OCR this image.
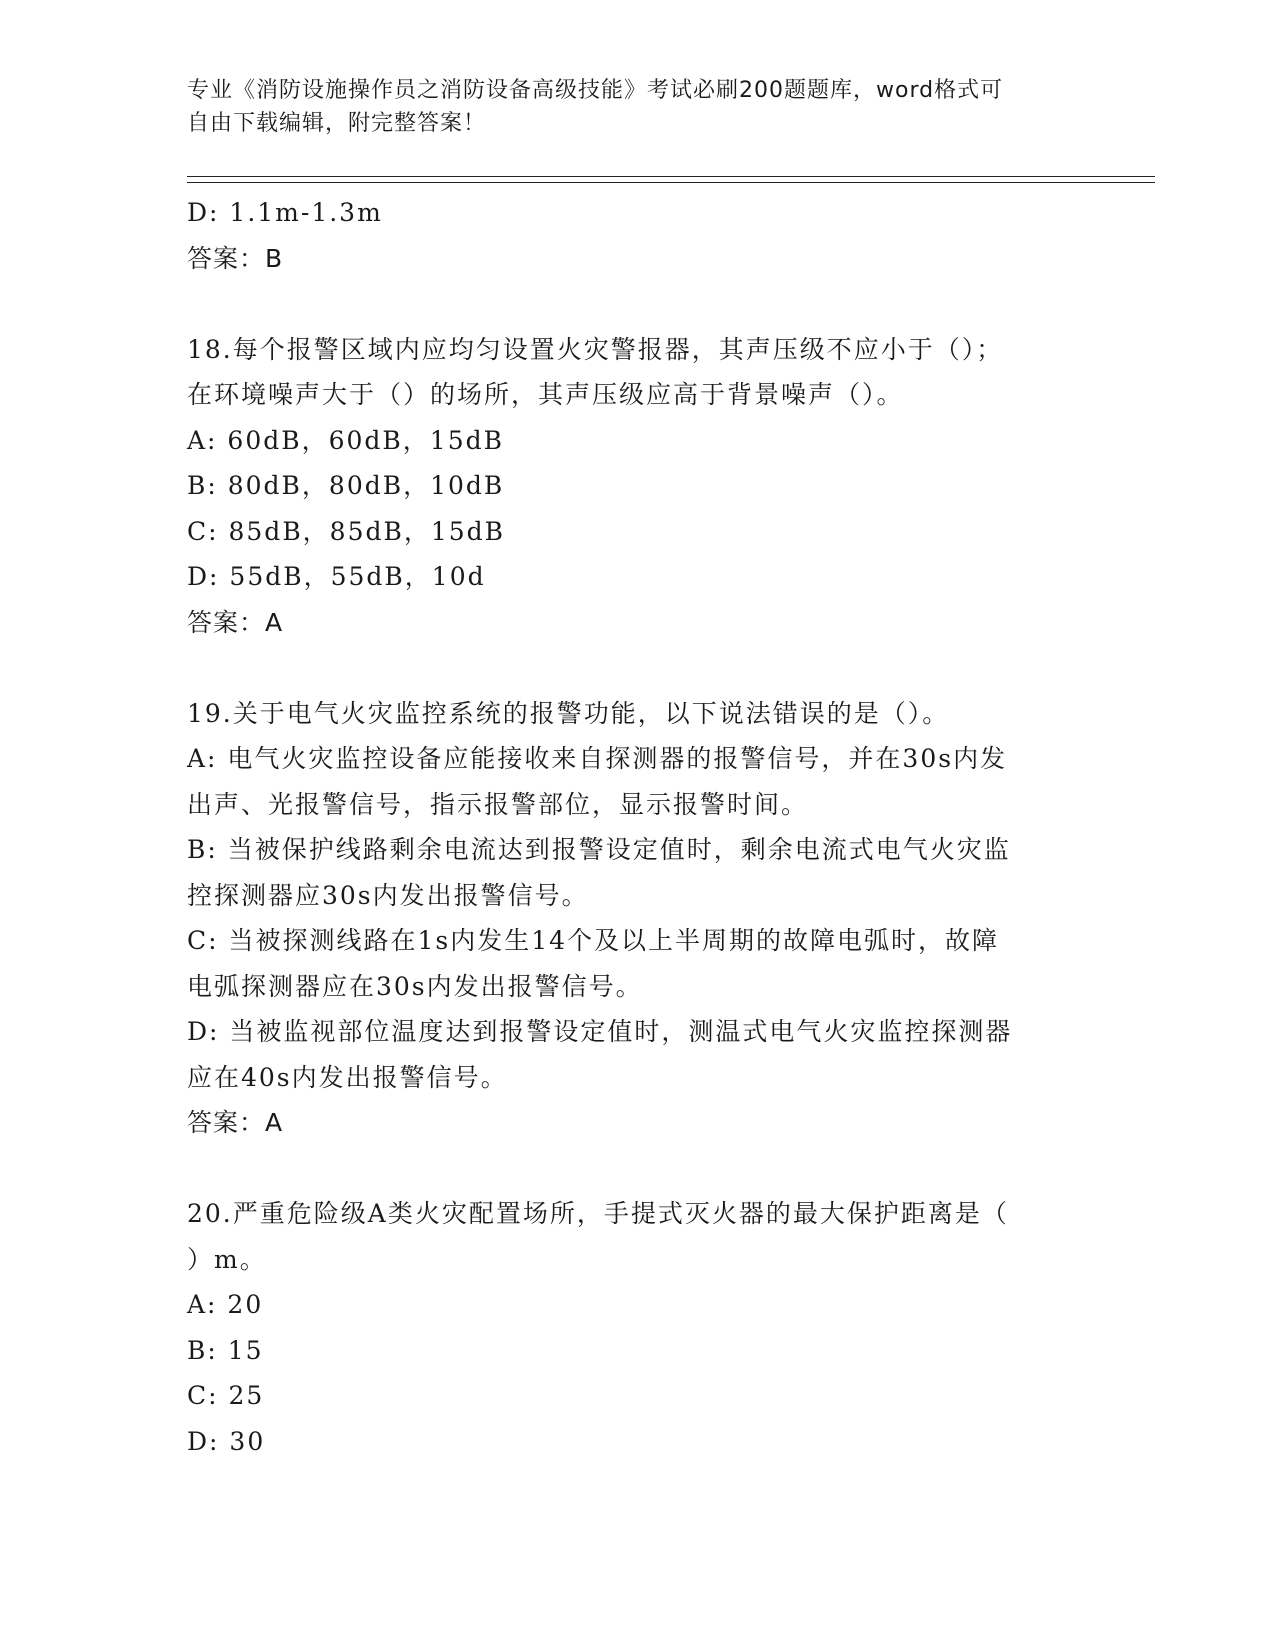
专业《消防设施操作员之消防设备高级技能》考试必刷200题题库，word格式可
自由下载编辑，附完整答案！
D: 1.1m-1.3m
答案：B
18.每个报警区域内应均匀设置火灾警报器，其声压级不应小于（）；
在环境噪声大于（）的场所，其声压级应高于背景噪声（）。
A: 60dB，60dB，15dB
B: 80dB，80dB，10dB
C: 85dB，85dB，15dB
D: 55dB，55dB，10d
答案：A
19.关于电气火灾监控系统的报警功能，以下说法错误的是（）。
A: 电气火灾监控设备应能接收来自探测器的报警信号，并在30s内发
出声、光报警信号，指示报警部位，显示报警时间。
B: 当被保护线路剩余电流达到报警设定值时，剩余电流式电气火灾监
控探测器应30s内发出报警信号。
C: 当被探测线路在1s内发生14个及以上半周期的故障电弧时，故障
电弧探测器应在30s内发出报警信号。
D: 当被监视部位温度达到报警设定值时，测温式电气火灾监控探测器
应在40s内发出报警信号。
答案：A
20.严重危险级A类火灾配置场所，手提式灭火器的最大保护距离是（
）m。
A: 20
B: 15
C: 25
D: 30
